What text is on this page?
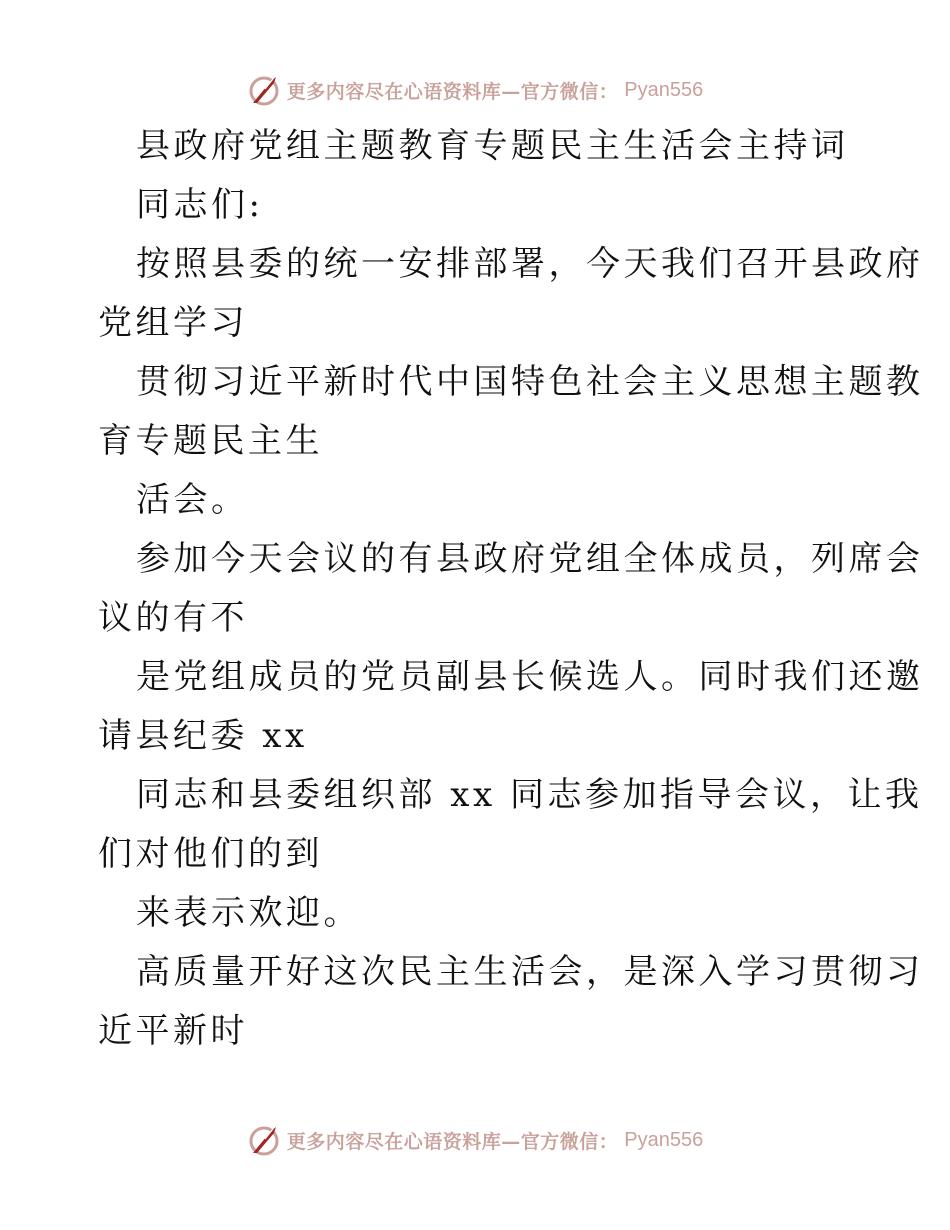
更多内容尽在心语资料库—官方微信： Pyan556
县政府党组主题教育专题民主生活会主持词
同志们:
按照县委的统一安排部署，今天我们召开县政府
党组学习
贯彻习近平新时代中国特色社会主义思想主题教
育专题民主生
活会。
参加今天会议的有县政府党组全体成员，列席会
议的有不
是党组成员的党员副县长候选人。同时我们还邀
请县纪委 xx
同志和县委组织部 xx 同志参加指导会议，让我
们对他们的到
来表示欢迎。
高质量开好这次民主生活会，是深入学习贯彻习
近平新时
更多内容尽在心语资料库—官方微信： Pyan556
